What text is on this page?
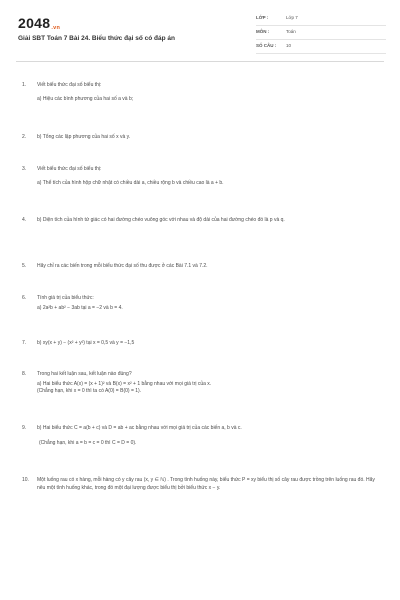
2048.vn
Giải SBT Toán 7 Bài 24. Biểu thức đại số có đáp án
LỚP :	Lớp 7
MÔN :	Toán
SỐ CÂU : 10
1.	Viết biểu thức đại số biểu thị:
a) Hiệu các bình phương của hai số a và b;
2.	b) Tổng các lập phương của hai số x và y.
3.	Viết biểu thức đại số biểu thị:
a) Thể tích của hình hộp chữ nhật có chiều dài a, chiều rộng b và chiều cao là a + b.
4.	b) Diện tích của hình tứ giác có hai đường chéo vuông góc với nhau và độ dài của hai đường chéo đó là p và q.
5.	Hãy chỉ ra các biến trong mỗi biểu thức đại số thu được ở các Bài 7.1 và 7.2.
6.	Tính giá trị của biểu thức:
a) 2a²b + ab² − 3ab tại a = −2 và b = 4.
7.	b) xy(x + y) − (x² + y²) tại x = 0,5 và y = −1,5
8.	Trong hai kết luận sau, kết luận nào đúng?
a) Hai biểu thức A(x) = (x + 1)² và B(x) = x² + 1 bằng nhau với mọi giá trị của x.
(Chẳng hạn, khi x = 0 thì ta có A(0) = B(0) = 1).
9.	b) Hai biểu thức C = a(b + c) và D = ab + ac bằng nhau với mọi giá trị của các biến a, b và c.
(Chẳng hạn, khi a = b = c = 0 thì C = D = 0).
10.	Một luống rau có x hàng, mỗi hàng có y cây rau (x, y ∈ ℕ) . Trong tình huống này, biểu thức P = xy biểu thị số cây rau được trồng trên luống rau đó. Hãy nêu một tình huống khác, trong đó một đại lượng được biểu thị bởi biểu thức x − y.
